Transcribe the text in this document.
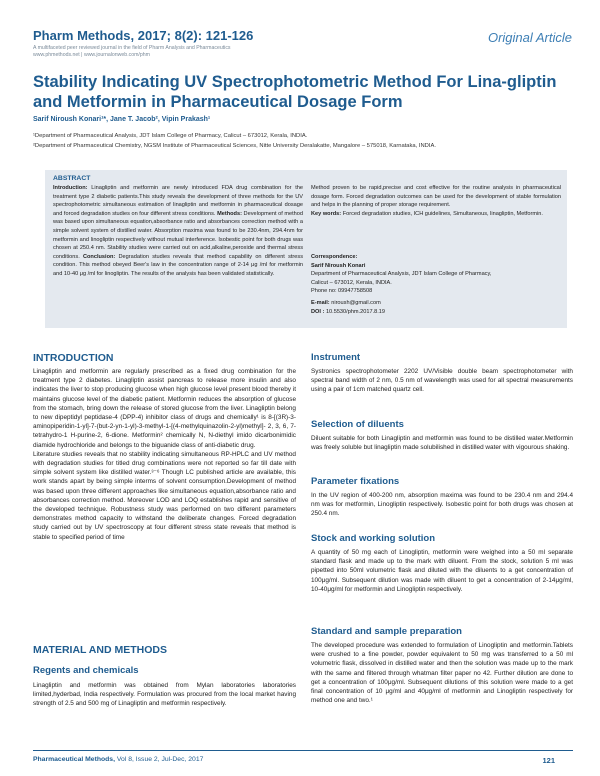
Pharm Methods, 2017; 8(2): 121-126	Original Article
A multifaceted peer reviewed journal in the field of Pharm Analysis and Pharmaceutics
www.phmethods.net | www.journalonweb.com/phm
Stability Indicating UV Spectrophotometric Method For Lina-gliptin and Metformin in Pharmaceutical Dosage Form
Sarif Niroush Konari¹*, Jane T. Jacob², Vipin Prakash¹
¹Department of Pharmaceutical Analysis, JDT Islam College of Pharmacy, Calicut – 673012, Kerala, INDIA.
²Department of Pharmaceutical Chemistry, NGSM Institute of Pharmaceutical Sciences, Nitte University Deralakatte, Mangalore – 575018, Karnataka, INDIA.
ABSTRACT
Introduction: Linagliptin and metformin are newly introduced FDA drug combination for the treatment type 2 diabetic patients.This study reveals the development of three methods for the UV spectrophotometric simultaneous estimation of linagliptin and metformin in pharmaceutical dosage and forced degradation studies on four different stress conditions. Methods: Development of method was based upon simultaneous equation,absorbance ratio and absorbances correction method with a simple solvent system of distilled water. Absorption maxima was found to be 230.4nm, 294.4nm for metformin and linogliptin respectively without mutual interference. Isobestic point for both drugs was chosen at 250.4 nm. Stability studies were carried out on acid,alkaline,peroxide and thermal stress conditions. Conclusion: Degradation studies reveals that method capability on different stress condition. This method obeyed Beer's law in the concentration range of 2-14 μg /ml for metformin and 10-40 μg /ml for linogliptin. The results of the analysis has been validated statistically.
Method proven to be rapid,precise and cost effective for the routine analysis in pharmaceutical dosage form. Forced degradation outcomes can be used for the development of stable formulation and helps in the planning of proper storage requirement.
Key words: Forced degradation studies, ICH guidelines, Simultaneous, linagliptin, Metformin.
Correspondence:
Sarif Niroush Konari
Department of Pharmaceutical Analysis, JDT Islam College of Pharmacy,
Calicut – 673012, Kerala, INDIA.
Phone no: 09947758508
E-mail: niroush@gmail.com
DOI : 10.5530/phm.2017.8.19
INTRODUCTION

Linagliptin and metformin are regularly prescribed as a fixed drug combination for the treatment type 2 diabetes. Linagliptin assist pancreas to release more insulin and also indicates the liver to stop producing glucose when high glucose level present blood thereby it maintains glucose level of the diabetic patient. Metformin reduces the absorption of glucose from the stomach, bring down the release of stored glucose from the liver. Linagliptin belong to new dipeptidyl peptidase-4 (DPP-4) inhibitor class of drugs and chemically¹ is 8-[(3R)-3-aminopiperidin-1-yl]-7-(but-2-yn-1-yl)-3-methyl-1-[(4-methylquinazolin-2-yl)methyl]- 2, 3, 6, 7-tetrahydro-1 H-purine-2, 6-dione. Metformin² chemically N, N-diethyl imido dicarbonimidic diamide hydrochloride and belongs to the biguanide class of anti-diabetic drug.

Literature studies reveals that no stability indicating simultaneous RP-HPLC and UV method with degradation studies for titled drug combinations were not reported so far till date with simple solvent system like distilled water.³⁻⁶ Though LC published article are available, this work stands apart by being simple interms of solvent consumption.Development of method was based upon three different approaches like simultaneous equation,absorbance ratio and absorbances correction method. Moreover LOD and LOQ establishes rapid and sensitive of the developed technique. Robustness study was performed on two different parameters demonstrates method capacity to withstand the deliberate changes. Forced degradation study carried out by UV spectroscopy at four different stress state reveals that method is stable to specified period of time

MATERIAL AND METHODS
Regents and chemicals
Linagliptin and metformin was obtained from Mylan laboratories laboratories limited,hyderbad, India respectively. Formulation was procured from the local market having strength of 2.5 and 500 mg of Linagliptin and metformin respectively.
Instrument
Systronics spectrophotometer 2202 UV/Visible double beam spectrophotometer with spectral band width of 2 nm, 0.5 nm of wavelength was used for all spectral measurements using a pair of 1cm matched quartz cell.
Selection of diluents
Diluent suitable for both Linagliptin and metformin was found to be distilled water.Metformin was freely soluble but linagliptin made solubilished in distilled water with vigourous shaking.
Parameter fixations
In the UV region of 400-200 nm, absorption maxima was found to be 230.4 nm and 294.4 nm was for metformin, Linogliptin respectively. Isobestic point for both drugs was chosen at 250.4 nm.
Stock and working solution
A quantity of 50 mg each of Linogliptin, metformin were weighed into a 50 ml separate standard flask and made up to the mark with diluent. From the stock, solution 5 ml was pipetted into 50ml volumetric flask and diluted with the diluents to a get concentration of 100μg/ml. Subsequent dilution was made with diluent to get a concentration of 2-14μg/ml, 10-40μg/ml for metformin and Linogliptin respectively.
Standard and sample preparation
The developed procedure was extended to formulation of Linogliptin and metformin.Tablets were crushed to a fine powder, powder equivalent to 50 mg was transferred to a 50 ml volumetric flask, dissolved in distilled water and then the solution was made up to the mark with the same and filtered through whatman filter paper no 42. Further dilution are done to get a concentration of 100μg/ml. Subsequent dilutions of this solution were made to a get final concentration of 10 μg/ml and 40μg/ml of metformin and Linogliptin respectively for method one and two.¹
Pharmaceutical Methods, Vol 8, Issue 2, Jul-Dec, 2017	121
